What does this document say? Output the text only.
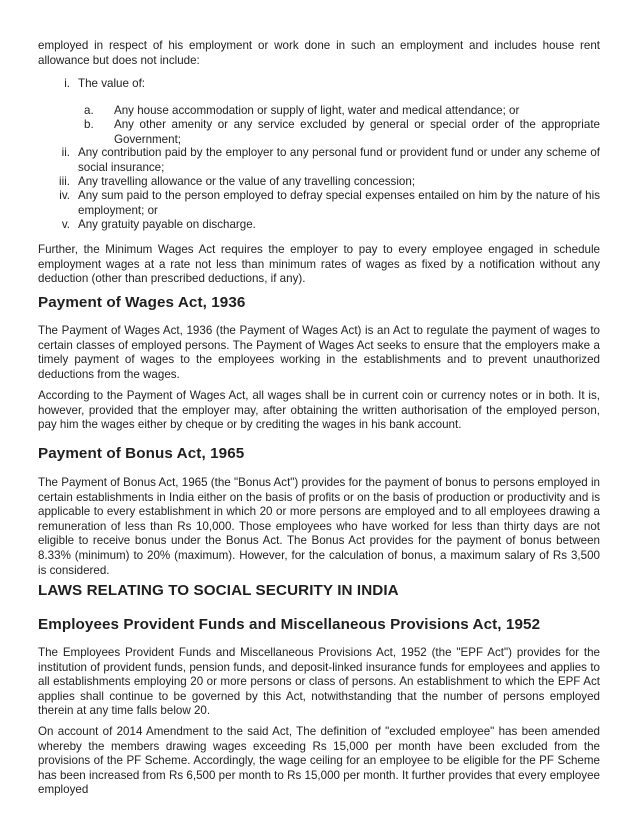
employed in respect of his employment or work done in such an employment and includes house rent allowance but does not include:

i. The value of:
a.	Any house accommodation or supply of light, water and medical attendance; or
b.	Any other amenity or any service excluded by general or special order of the appropriate Government;
ii. Any contribution paid by the employer to any personal fund or provident fund or under any scheme of social insurance;
iii. Any travelling allowance or the value of any travelling concession;
iv. Any sum paid to the person employed to defray special expenses entailed on him by the nature of his employment; or
v. Any gratuity payable on discharge.

Further, the Minimum Wages Act requires the employer to pay to every employee engaged in schedule employment wages at a rate not less than minimum rates of wages as fixed by a notification without any deduction (other than prescribed deductions, if any).

Payment of Wages Act, 1936

The Payment of Wages Act, 1936 (the Payment of Wages Act) is an Act to regulate the payment of wages to certain classes of employed persons. The Payment of Wages Act seeks to ensure that the employers make a timely payment of wages to the employees working in the establishments and to prevent unauthorized deductions from the wages.

According to the Payment of Wages Act, all wages shall be in current coin or currency notes or in both. It is, however, provided that the employer may, after obtaining the written authorisation of the employed person, pay him the wages either by cheque or by crediting the wages in his bank account.

Payment of Bonus Act, 1965

The Payment of Bonus Act, 1965 (the "Bonus Act") provides for the payment of bonus to persons employed in certain establishments in India either on the basis of profits or on the basis of production or productivity and is applicable to every establishment in which 20 or more persons are employed and to all employees drawing a remuneration of less than Rs 10,000. Those employees who have worked for less than thirty days are not eligible to receive bonus under the Bonus Act. The Bonus Act provides for the payment of bonus between 8.33% (minimum) to 20% (maximum). However, for the calculation of bonus, a maximum salary of Rs 3,500 is considered.

LAWS RELATING TO SOCIAL SECURITY IN INDIA
Employees Provident Funds and Miscellaneous Provisions Act, 1952

The Employees Provident Funds and Miscellaneous Provisions Act, 1952 (the "EPF Act") provides for the institution of provident funds, pension funds, and deposit-linked insurance funds for employees and applies to all establishments employing 20 or more persons or class of persons. An establishment to which the EPF Act applies shall continue to be governed by this Act, notwithstanding that the number of persons employed therein at any time falls below 20.

On account of 2014 Amendment to the said Act, The definition of "excluded employee" has been amended whereby the members drawing wages exceeding Rs 15,000 per month have been excluded from the provisions of the PF Scheme. Accordingly, the wage ceiling for an employee to be eligible for the PF Scheme has been increased from Rs 6,500 per month to Rs 15,000 per month. It further provides that every employee employed
